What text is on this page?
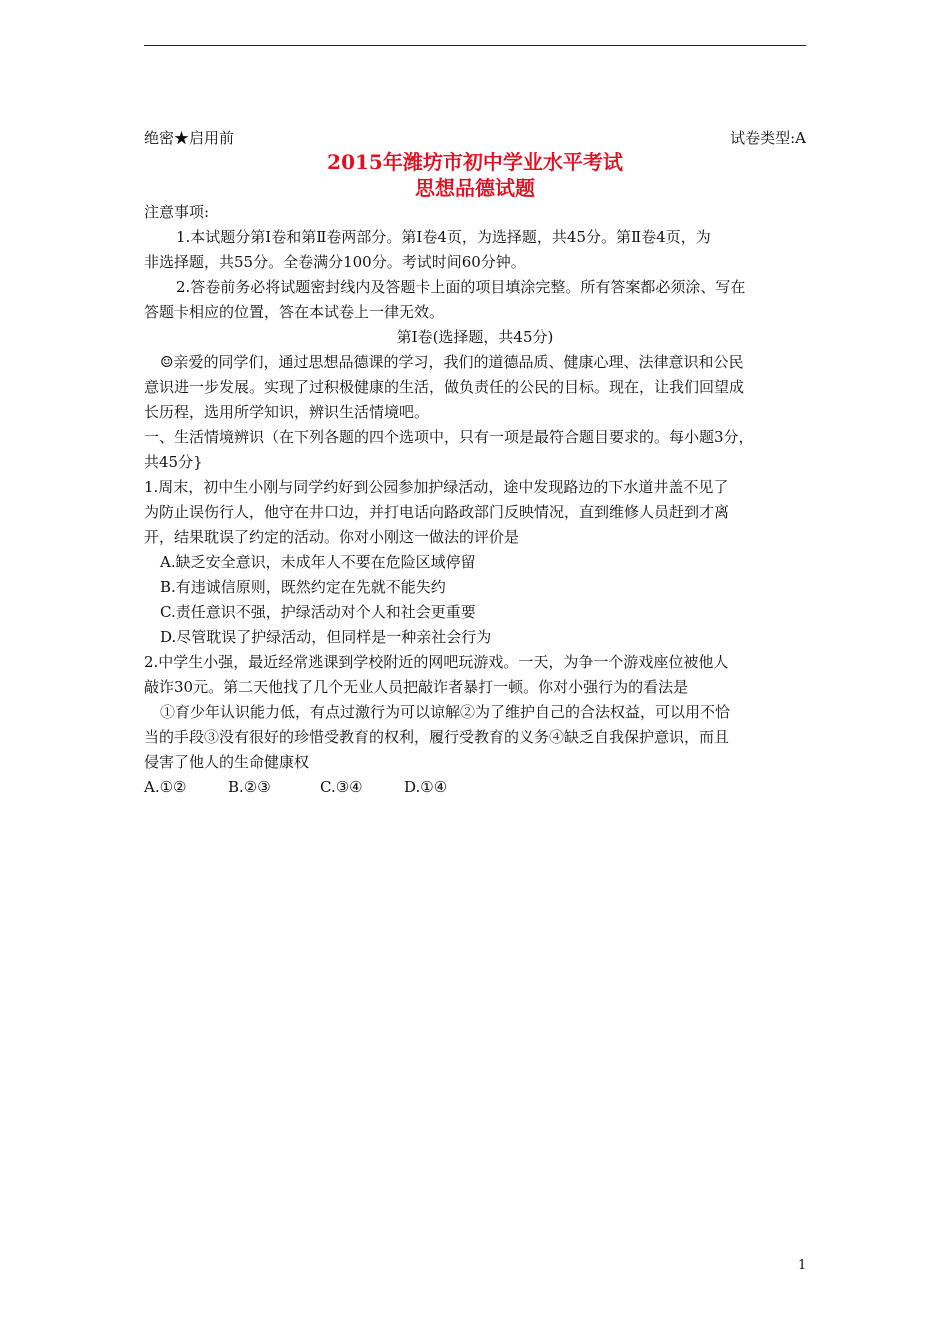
绝密★启用前	试卷类型:A
2015年潍坊市初中学业水平考试
思想品德试题
注意事项:
1.本试题分第Ⅰ卷和第Ⅱ卷两部分。第Ⅰ卷4页，为选择题，共45分。第Ⅱ卷4页，为
非选择题，共55分。全卷满分100分。考试时间60分钟。
2.答卷前务必将试题密封线内及答题卡上面的项目填涂完整。所有答案都必须涂、写在
答题卡相应的位置，答在本试卷上一律无效。
第Ⅰ卷(选择题，共45分)
☺亲爱的同学们，通过思想品德课的学习，我们的道德品质、健康心理、法律意识和公民
意识进一步发展。实现了过积极健康的生活，做负责任的公民的目标。现在，让我们回望成
长历程，选用所学知识，辨识生活情境吧。
一、生活情境辨识（在下列各题的四个选项中，只有一项是最符合题目要求的。每小题3分，
共45分}
1.周末，初中生小刚与同学约好到公园参加护绿活动，途中发现路边的下水道井盖不见了
为防止误伤行人，他守在井口边，并打电话向路政部门反映情况，直到维修人员赶到才离
开，结果耽误了约定的活动。你对小刚这一做法的评价是
A.缺乏安全意识，未成年人不要在危险区域停留
B.有违诚信原则，既然约定在先就不能失约
C.责任意识不强，护绿活动对个人和社会更重要
D.尽管耽误了护绿活动，但同样是一种亲社会行为
2.中学生小强，最近经常逃课到学校附近的网吧玩游戏。一天，为争一个游戏座位被他人
敲诈30元。第二天他找了几个无业人员把敲诈者暴打一顿。你对小强行为的看法是
①育少年认识能力低，有点过激行为可以谅解②为了维护自己的合法权益，可以用不恰
当的手段③没有很好的珍惜受教育的权利，履行受教育的义务④缺乏自我保护意识，而且
侵害了他人的生命健康权
A.①②	B.②③	C.③④	D.①④
1
